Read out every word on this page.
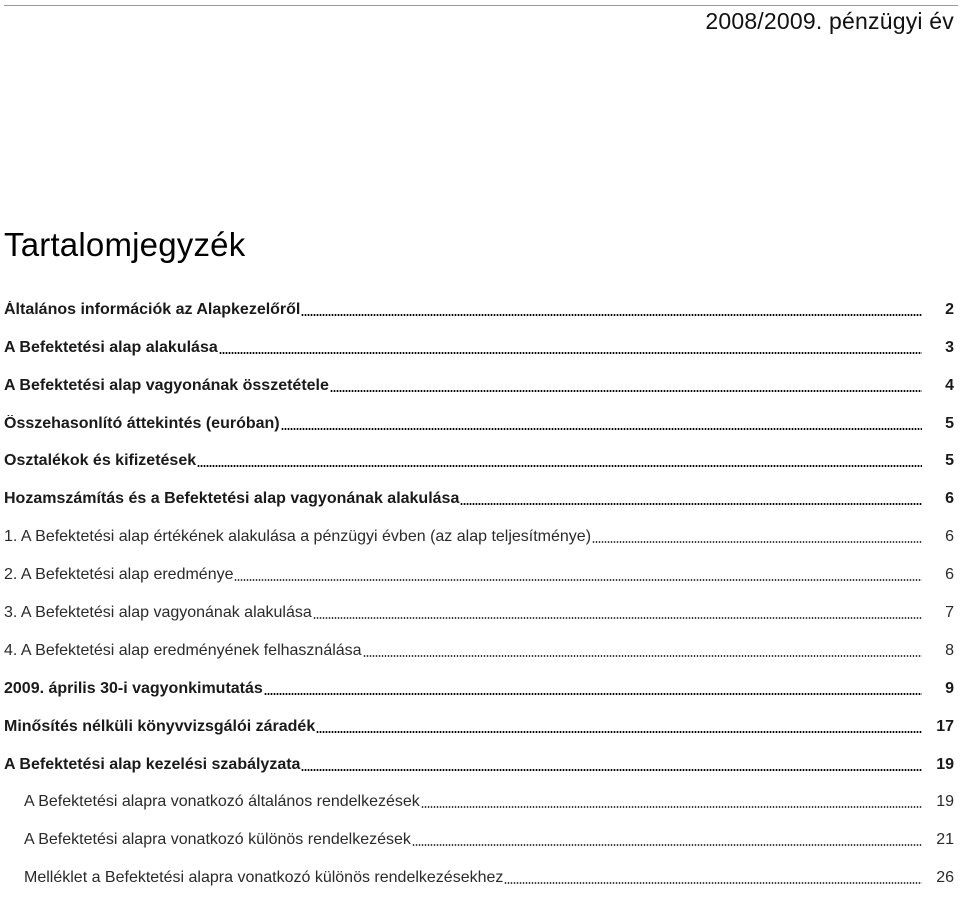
2008/2009. pénzügyi év
Tartalomjegyzék
Általános információk az Alapkezelőről	2
A Befektetési alap alakulása	3
A Befektetési alap vagyonának összetétele	4
Összehasonlító áttekintés (euróban)	5
Osztalékok és kifizetések	5
Hozamszámítás és a Befektetési alap vagyonának alakulása	6
1. A Befektetési alap értékének alakulása a pénzügyi évben (az alap teljesítménye)	6
2. A Befektetési alap eredménye	6
3. A Befektetési alap vagyonának alakulása	7
4. A Befektetési alap eredményének felhasználása	8
2009. április 30-i vagyonkimutatás	9
Minősítés nélküli könyvvizsgálói záradék	17
A Befektetési alap kezelési szabályzata	19
A Befektetési alapra vonatkozó általános rendelkezések	19
A Befektetési alapra vonatkozó különös rendelkezések	21
Melléklet a Befektetési alapra vonatkozó különös rendelkezésekhez	26
